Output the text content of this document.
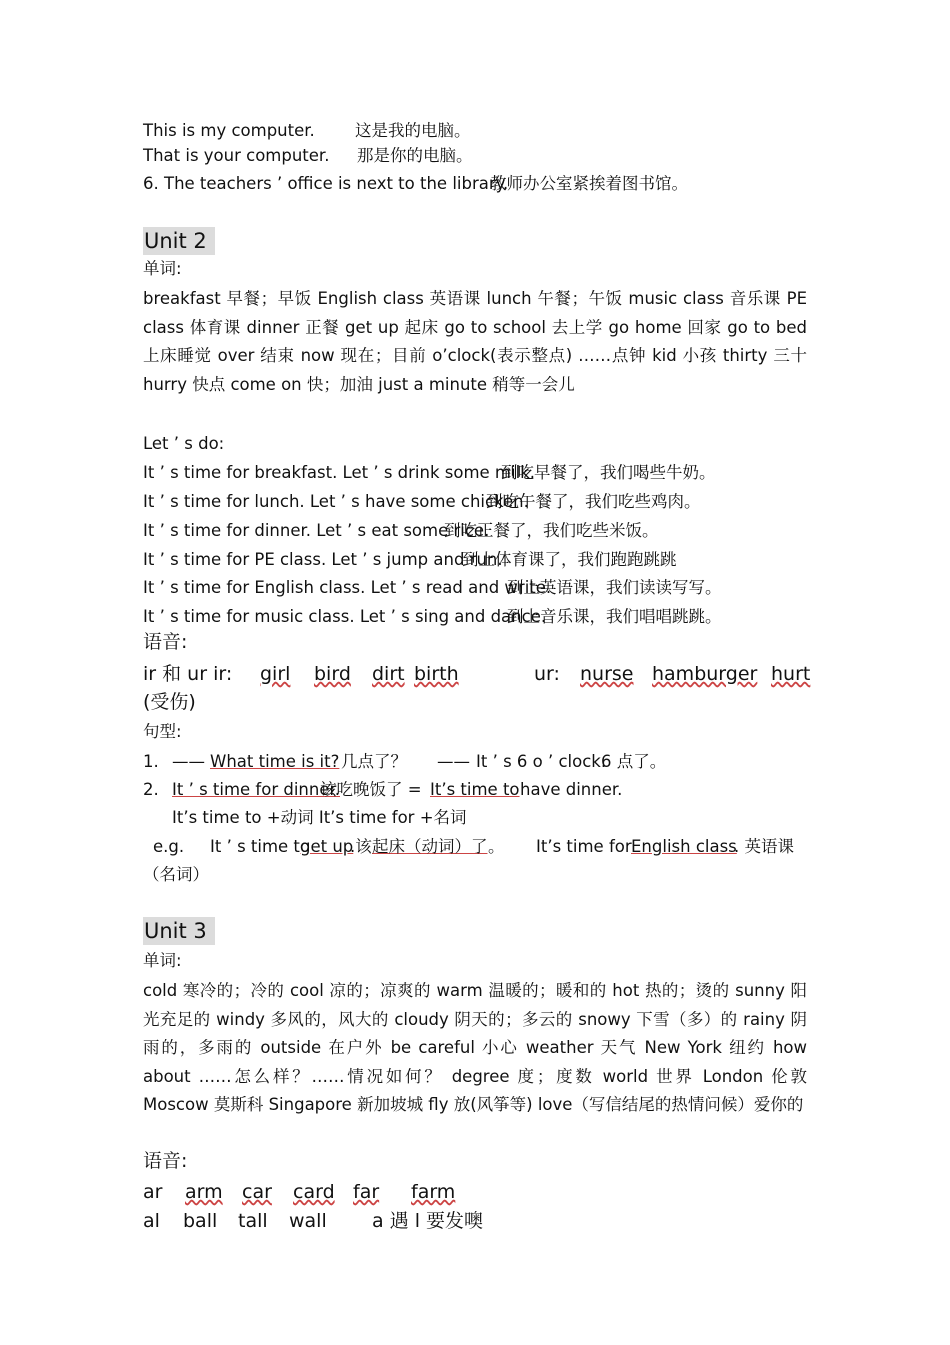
This is my computer. 这是我的电脑。
That is your computer. 那是你的电脑。
6. The teachers ’ office is next to the library.
教师办公室紧挨着图书馆。
Unit 2
单词:
breakfast 早餐；早饭 English class 英语课 lunch 午餐；午饭 music class 音乐课 PE class 体育课 dinner 正餐 get up 起床 go to school 去上学 go home 回家 go to bed 上床睡觉 over 结束 now 现在；目前 o’clock(表示整点) ……点钟 kid 小孩 thirty 三十 hurry 快点 come on 快；加油 just a minute 稍等一会儿
Let ’ s do:
It ’ s time for breakfast. Let ’ s drink some milk.
到吃早餐了，我们喝些牛奶。
It ’ s time for lunch. Let ’ s have some chicken.
到吃午餐了，我们吃些鸡肉。
It ’ s time for dinner. Let ’ s eat some rice.
到吃正餐了，我们吃些米饭。
It ’ s time for PE class. Let ’ s jump and run.
到上体育课了，我们跑跑跳跳
It ’ s time for English class. Let ’ s read and write.
到上英语课，我们读读写写。
It ’ s time for music class. Let ’ s sing and dance.
到上音乐课，我们唱唱跳跳。
语音:
ir 和 ur ir: girl bird dirt birth	ur: nurse hamburger hurt
(受伤)
句型:
1. —— What time is it? 几点了？ —— It ’ s 6 o ’ clock.
6 点了。
2. It ’ s time for dinner.
该吃晚饭了 = It’s time to have dinner.
It’s time to +动词 It’s time for +名词
e.g. It ’ s time to
get up
.该 起床（动词）了 。 It’s time for English class
. 英语课
（名词）
Unit 3
单词:
cold 寒冷的；冷的 cool 凉的；凉爽的 warm 温暖的；暖和的 hot 热的；烫的 sunny 阳光充足的 windy 多风的，风大的 cloudy 阴天的；多云的 snowy 下雪（多）的 rainy 阴雨的，多雨的 outside 在户外 be careful 小心 weather 天气 New York 纽约 how about ……怎么样？……情况如何？ degree 度；度数 world 世界 London 伦敦 Moscow 莫斯科 Singapore 新加坡城 fly 放(风筝等) love（写信结尾的热情问候）爱你的
语音:
ar arm car card far farm
al ball tall wall a 遇 l 要发噢
